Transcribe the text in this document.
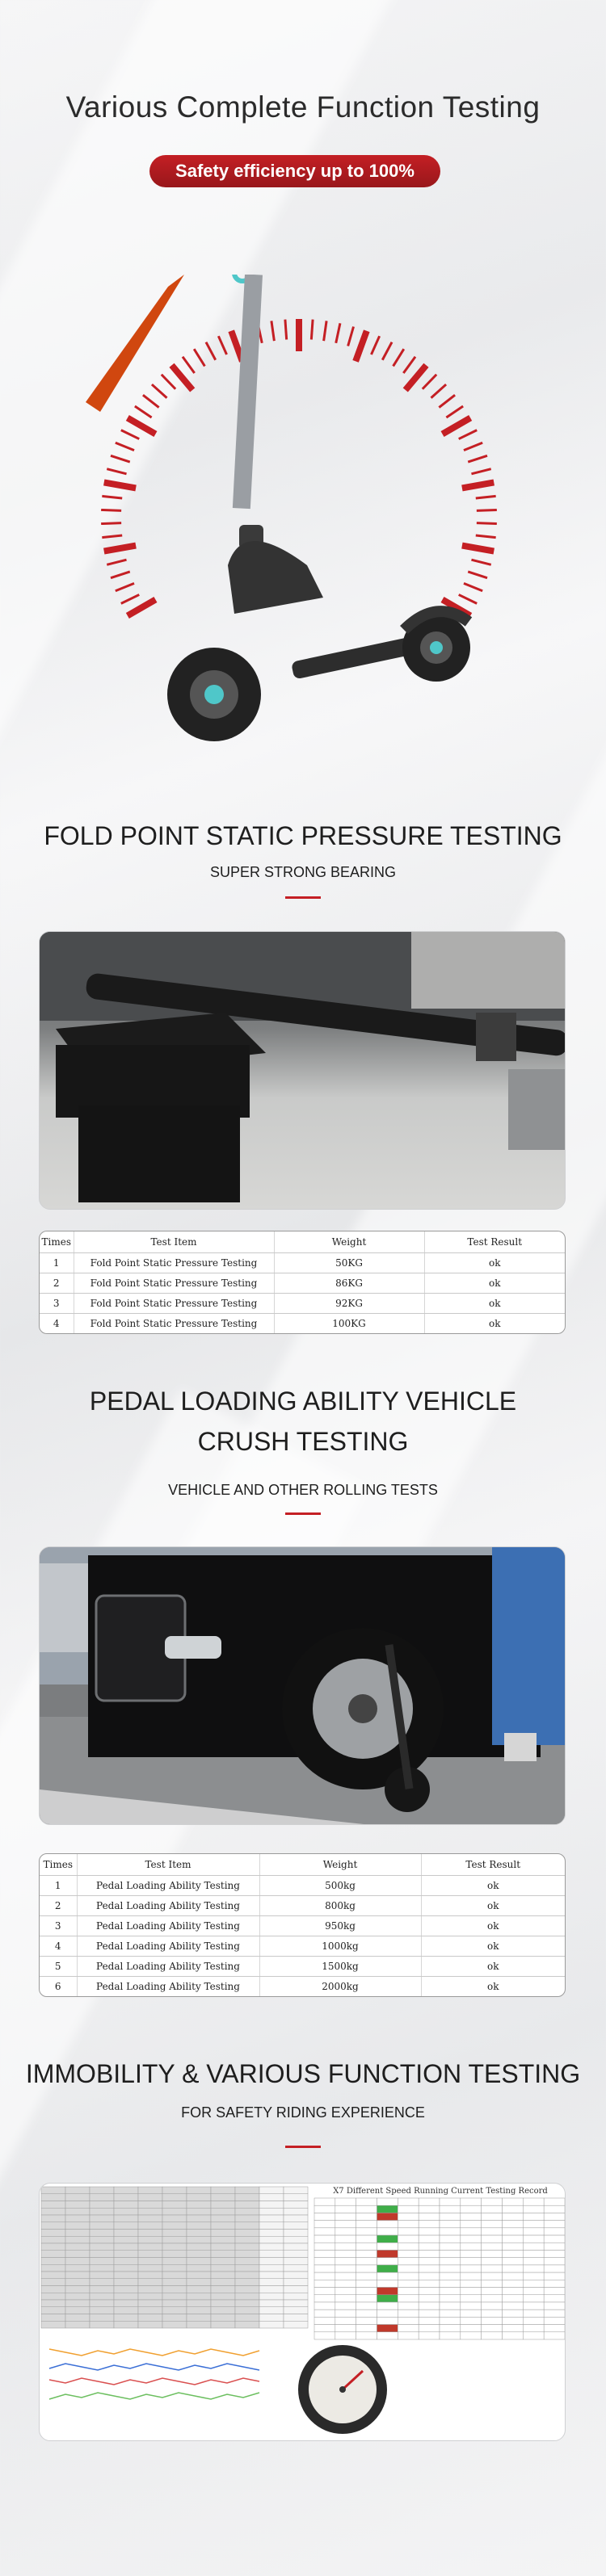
Various Complete Function Testing
Safety efficiency up to 100%
FOLD POINT STATIC PRESSURE TESTING
SUPER STRONG BEARING
Times	Test Item	Weight	Test Result
1	Fold Point Static Pressure Testing	50KG	ok
2	Fold Point Static Pressure Testing	86KG	ok
3	Fold Point Static Pressure Testing	92KG	ok
4	Fold Point Static Pressure Testing	100KG	ok
PEDAL LOADING ABILITY VEHICLE
CRUSH TESTING
VEHICLE AND OTHER ROLLING TESTS
Times	Test Item	Weight	Test Result
1	Pedal Loading Ability Testing	500kg	ok
2	Pedal Loading Ability Testing	800kg	ok
3	Pedal Loading Ability Testing	950kg	ok
4	Pedal Loading Ability Testing	1000kg	ok
5	Pedal Loading Ability Testing	1500kg	ok
6	Pedal Loading Ability Testing	2000kg	ok
IMMOBILITY & VARIOUS FUNCTION TESTING
FOR SAFETY RIDING EXPERIENCE
X7 Different Speed Running Current Testing Record
